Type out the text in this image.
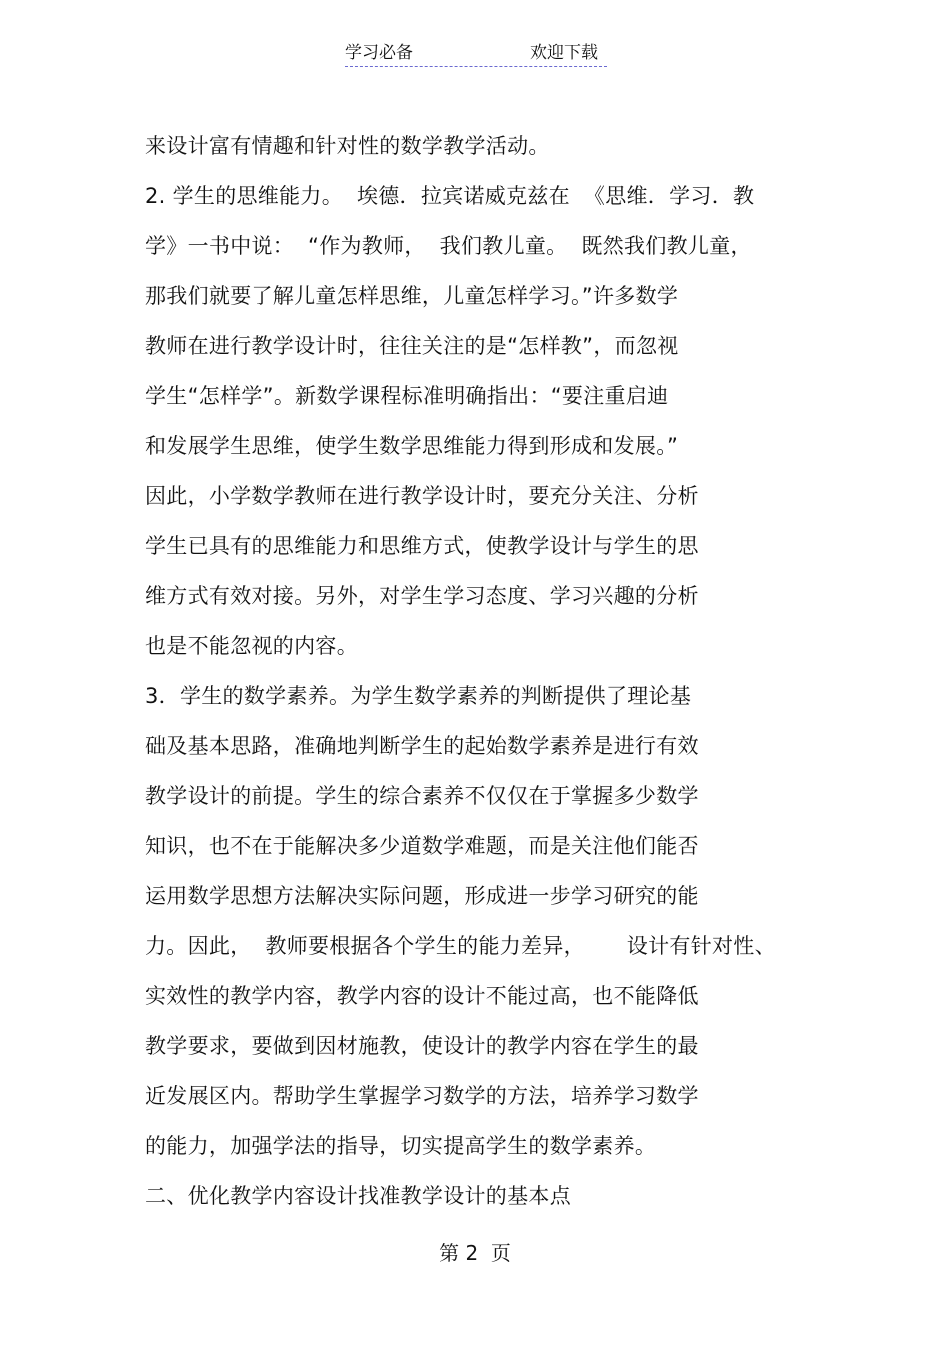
学习必备	欢迎下载
来设计富有情趣和针对性的数学教学活动。
2. 学生的思维能力。  埃德．拉宾诺威克兹在  《思维．学习．教
学》一书中说：  “作为教师，  我们教儿童。  既然我们教儿童，
那我们就要了解儿童怎样思维，儿童怎样学习。”许多数学
教师在进行教学设计时，往往关注的是“怎样教”，而忽视
学生“怎样学”。新数学课程标准明确指出：“要注重启迪
和发展学生思维，使学生数学思维能力得到形成和发展。”
因此，小学数学教师在进行教学设计时，要充分关注、分析
学生已具有的思维能力和思维方式，使教学设计与学生的思
维方式有效对接。另外，对学生学习态度、学习兴趣的分析
也是不能忽视的内容。
3．学生的数学素养。为学生数学素养的判断提供了理论基
础及基本思路，准确地判断学生的起始数学素养是进行有效
教学设计的前提。学生的综合素养不仅仅在于掌握多少数学
知识，也不在于能解决多少道数学难题，而是关注他们能否
运用数学思想方法解决实际问题，形成进一步学习研究的能
力。因此，  教师要根据各个学生的能力差异，      设计有针对性、
实效性的教学内容，教学内容的设计不能过高，也不能降低
教学要求，要做到因材施教，使设计的教学内容在学生的最
近发展区内。帮助学生掌握学习数学的方法，培养学习数学
的能力，加强学法的指导，切实提高学生的数学素养。
二、优化教学内容设计找准教学设计的基本点
第 2  页
